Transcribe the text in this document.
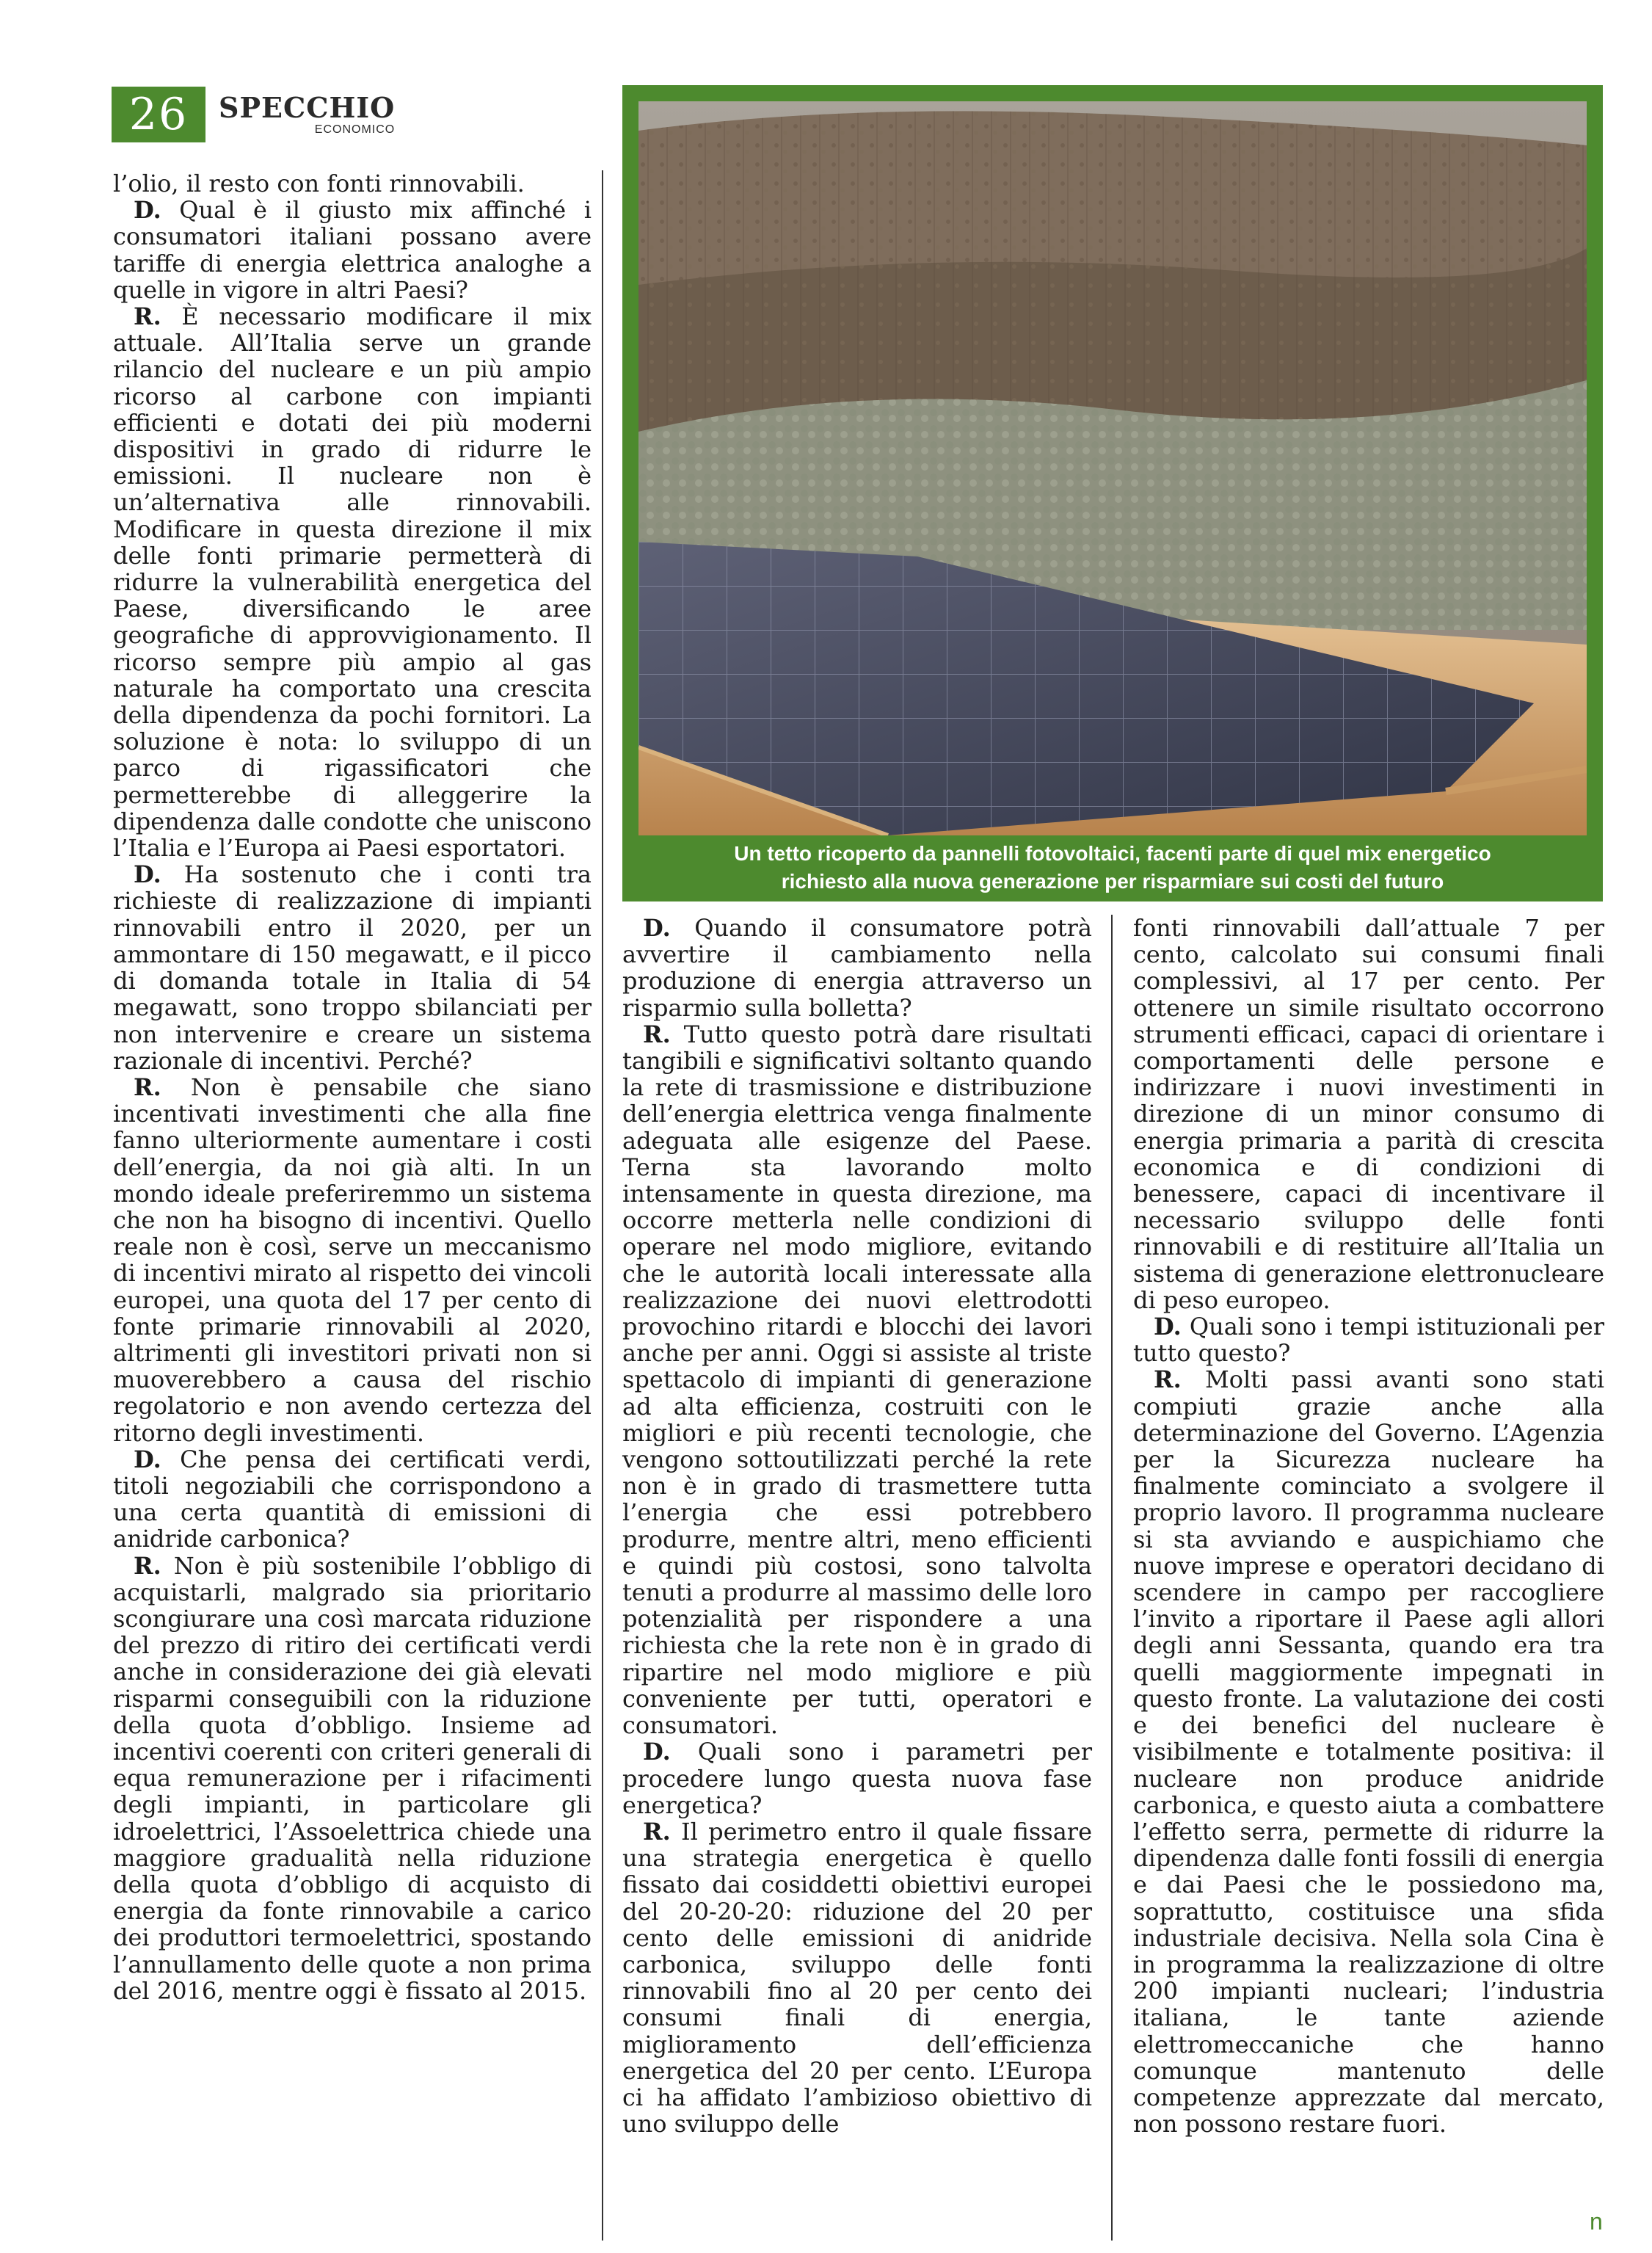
26	SPECCHIO
ECONOMICO
Un tetto ricoperto da pannelli fotovoltaici, facenti parte di quel mix energetico
richiesto alla nuova generazione per risparmiare sui costi del futuro

l’olio, il resto con fonti rinnovabili.

D. Qual è il giusto mix affinché i consumatori italiani possano avere tariffe di energia elettrica analoghe a quelle in vigore in altri Paesi?

R. È necessario modificare il mix attuale. All’Italia serve un grande rilancio del nucleare e un più ampio ricorso al carbone con impianti efficienti e dotati dei più moderni dispositivi in grado di ridurre le emissioni. Il nucleare non è un’alternativa alle rinnovabili. Modificare in questa direzione il mix delle fonti primarie permetterà di ridurre la vulnerabilità energetica del Paese, diversificando le aree geografiche di approvvigionamento. Il ricorso sempre più ampio al gas naturale ha comportato una crescita della dipendenza da pochi fornitori. La soluzione è nota: lo sviluppo di un parco di rigassificatori che permetterebbe di alleggerire la dipendenza dalle condotte che uniscono l’Italia e l’Europa ai Paesi esportatori.

D. Ha sostenuto che i conti tra richieste di realizzazione di impianti rinnovabili entro il 2020, per un ammontare di 150 megawatt, e il picco di domanda totale in Italia di 54 megawatt, sono troppo sbilanciati per non intervenire e creare un sistema razionale di incentivi. Perché?

R. Non è pensabile che siano incentivati investimenti che alla fine fanno ulteriormente aumentare i costi dell’energia, da noi già alti. In un mondo ideale preferiremmo un sistema che non ha bisogno di incentivi. Quello reale non è così, serve un meccanismo di incentivi mirato al rispetto dei vincoli europei, una quota del 17 per cento di fonte primarie rinnovabili al 2020, altrimenti gli investitori privati non si muoverebbero a causa del rischio regolatorio e non avendo certezza del ritorno degli investimenti.

D. Che pensa dei certificati verdi, titoli negoziabili che corrispondono a una certa quantità di emissioni di anidride carbonica?

R. Non è più sostenibile l’obbligo di acquistarli, malgrado sia prioritario scongiurare una così marcata riduzione del prezzo di ritiro dei certificati verdi anche in considerazione dei già elevati risparmi conseguibili con la riduzione della quota d’obbligo. Insieme ad incentivi coerenti con criteri generali di equa remunerazione per i rifacimenti degli impianti, in particolare gli idroelettrici, l’Assoelettrica chiede una maggiore gradualità nella riduzione della quota d’obbligo di acquisto di energia da fonte rinnovabile a carico dei produttori termoelettrici, spostando l’annullamento delle quote a non prima del 2016, mentre oggi è fissato al 2015.

D. Quando il consumatore potrà avvertire il cambiamento nella produzione di energia attraverso un risparmio sulla bolletta?

R. Tutto questo potrà dare risultati tangibili e significativi soltanto quando la rete di trasmissione e distribuzione dell’energia elettrica venga finalmente adeguata alle esigenze del Paese. Terna sta lavorando molto intensamente in questa direzione, ma occorre metterla nelle condizioni di operare nel modo migliore, evitando che le autorità locali interessate alla realizzazione dei nuovi elettrodotti provochino ritardi e blocchi dei lavori anche per anni. Oggi si assiste al triste spettacolo di impianti di generazione ad alta efficienza, costruiti con le migliori e più recenti tecnologie, che vengono sottoutilizzati perché la rete non è in grado di trasmettere tutta l’energia che essi potrebbero produrre, mentre altri, meno efficienti e quindi più costosi, sono talvolta tenuti a produrre al massimo delle loro potenzialità per rispondere a una richiesta che la rete non è in grado di ripartire nel modo migliore e più conveniente per tutti, operatori e consumatori.

D. Quali sono i parametri per procedere lungo questa nuova fase energetica?

R. Il perimetro entro il quale fissare una strategia energetica è quello fissato dai cosiddetti obiettivi europei del 20-20-20: riduzione del 20 per cento delle emissioni di anidride carbonica, sviluppo delle fonti rinnovabili fino al 20 per cento dei consumi finali di energia, miglioramento dell’efficienza energetica del 20 per cento. L’Europa ci ha affidato l’ambizioso obiettivo di uno sviluppo delle

fonti rinnovabili dall’attuale 7 per cento, calcolato sui consumi finali complessivi, al 17 per cento. Per ottenere un simile risultato occorrono strumenti efficaci, capaci di orientare i comportamenti delle persone e indirizzare i nuovi investimenti in direzione di un minor consumo di energia primaria a parità di crescita economica e di condizioni di benessere, capaci di incentivare il necessario sviluppo delle fonti rinnovabili e di restituire all’Italia un sistema di generazione elettronucleare di peso europeo.

D. Quali sono i tempi istituzionali per tutto questo?

R. Molti passi avanti sono stati compiuti grazie anche alla determinazione del Governo. L’Agenzia per la Sicurezza nucleare ha finalmente cominciato a svolgere il proprio lavoro. Il programma nucleare si sta avviando e auspichiamo che nuove imprese e operatori decidano di scendere in campo per raccogliere l’invito a riportare il Paese agli allori degli anni Sessanta, quando era tra quelli maggiormente impegnati in questo fronte. La valutazione dei costi e dei benefici del nucleare è visibilmente e totalmente positiva: il nucleare non produce anidride carbonica, e questo aiuta a combattere l’effetto serra, permette di ridurre la dipendenza dalle fonti fossili di energia e dai Paesi che le possiedono ma, soprattutto, costituisce una sfida industriale decisiva. Nella sola Cina è in programma la realizzazione di oltre 200 impianti nucleari; l’industria italiana, le tante aziende elettromeccaniche che hanno comunque mantenuto delle competenze apprezzate dal mercato, non possono restare fuori.

n
